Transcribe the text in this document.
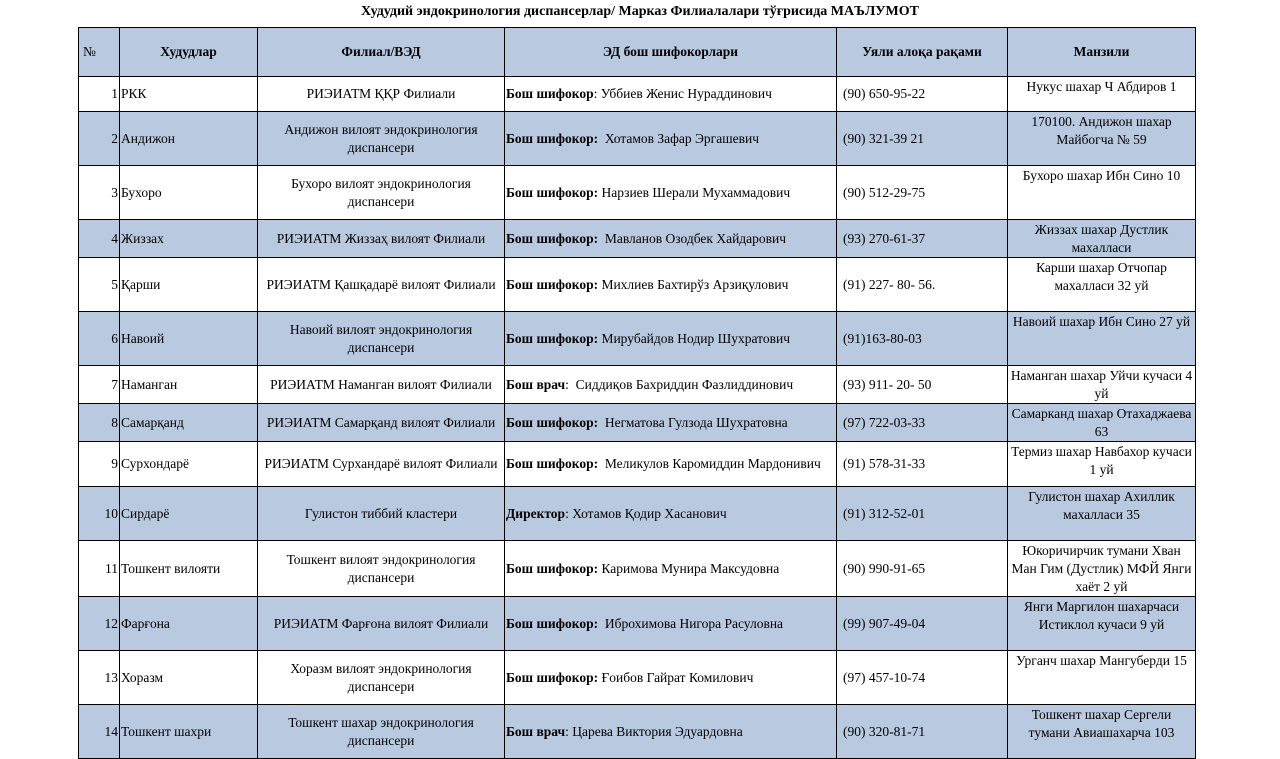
Худудий эндокринология диспансерлар/ Марказ Филиалалари тўғрисида МАЪЛУМОТ
№	Худудлар	Филиал/ВЭД	ЭД бош шифокорлари	Уяли алоқа рақами	Манзили
1	РКК	РИЭИАТМ ҚҚР Филиали	Бош шифокор: Уббиев Женис Нураддинович	(90) 650-95-22	Нукус шахар Ч Абдиров 1
2	Андижон	Андижон вилоят эндокринология диспансери	Бош шифокор: Хотамов Зафар Эргашевич	(90) 321-39 21	170100. Андижон шахар Майбогча № 59
3	Бухоро	Бухоро вилоят эндокринология диспансери	Бош шифокор: Нарзиев Шерали Мухаммадович	(90) 512-29-75	Бухоро шахар Ибн Сино 10
4	Жиззах	РИЭИАТМ Жиззаҳ вилоят Филиали	Бош шифокор: Мавланов Озодбек Хайдарович	(93) 270-61-37	Жиззах шахар Дустлик махалласи
5	Қарши	РИЭИАТМ Қашқадарё вилоят Филиали	Бош шифокор: Михлиев Бахтирўз Арзиқулович	(91) 227- 80- 56.	Карши шахар Отчопар махалласи 32 уй
6	Навоий	Навоий вилоят эндокринология диспансери	Бош шифокор: Мирубайдов Нодир Шухратович	(91)163-80-03	Навоий шахар Ибн Сино 27 уй
7	Наманган	РИЭИАТМ Наманган вилоят Филиали	Бош врач:  Сиддиқов Бахриддин Фазлиддинович	(93) 911- 20- 50	Наманган шахар Уйчи кучаси 4 уй
8	Самарқанд	РИЭИАТМ Самарқанд вилоят Филиали	Бош шифокор: Негматова Гулзода Шухратовна	(97) 722-03-33	Самарканд шахар Отахаджаева 63
9	Сурхондарё	РИЭИАТМ Сурхандарё вилоят Филиали	Бош шифокор: Меликулов Каромиддин Мардонивич	(91) 578-31-33	Термиз шахар Навбахор кучаси 1 уй
10	Сирдарё	Гулистон тиббий кластери	Директор: Хотамов Қодир Хасанович	(91) 312-52-01	Гулистон шахар Ахиллик махалласи 35
11	Тошкент вилояти	Тошкент вилоят эндокринология диспансери	Бош шифокор: Каримова Мунира Максудовна	(90) 990-91-65	Юкоричирчик тумани Хван Ман Гим (Дустлик) МФЙ Янги хаёт 2 уй
12	Фарғона	РИЭИАТМ Фарғона вилоят Филиали	Бош шифокор: Иброхимова Нигора Расуловна	(99) 907-49-04	Янги Маргилон шахарчаси Истиклол кучаси 9 уй
13	Хоразм	Хоразм вилоят эндокринология диспансери	Бош шифокор: Ғоибов Гайрат Комилович	(97) 457-10-74	Урганч шахар Мангуберди 15
14	Тошкент шахри	Тошкент шахар эндокринология диспансери	Бош врач: Царева Виктория Эдуардовна	(90) 320-81-71	Тошкент шахар Сергели тумани Авиашахарча 103
